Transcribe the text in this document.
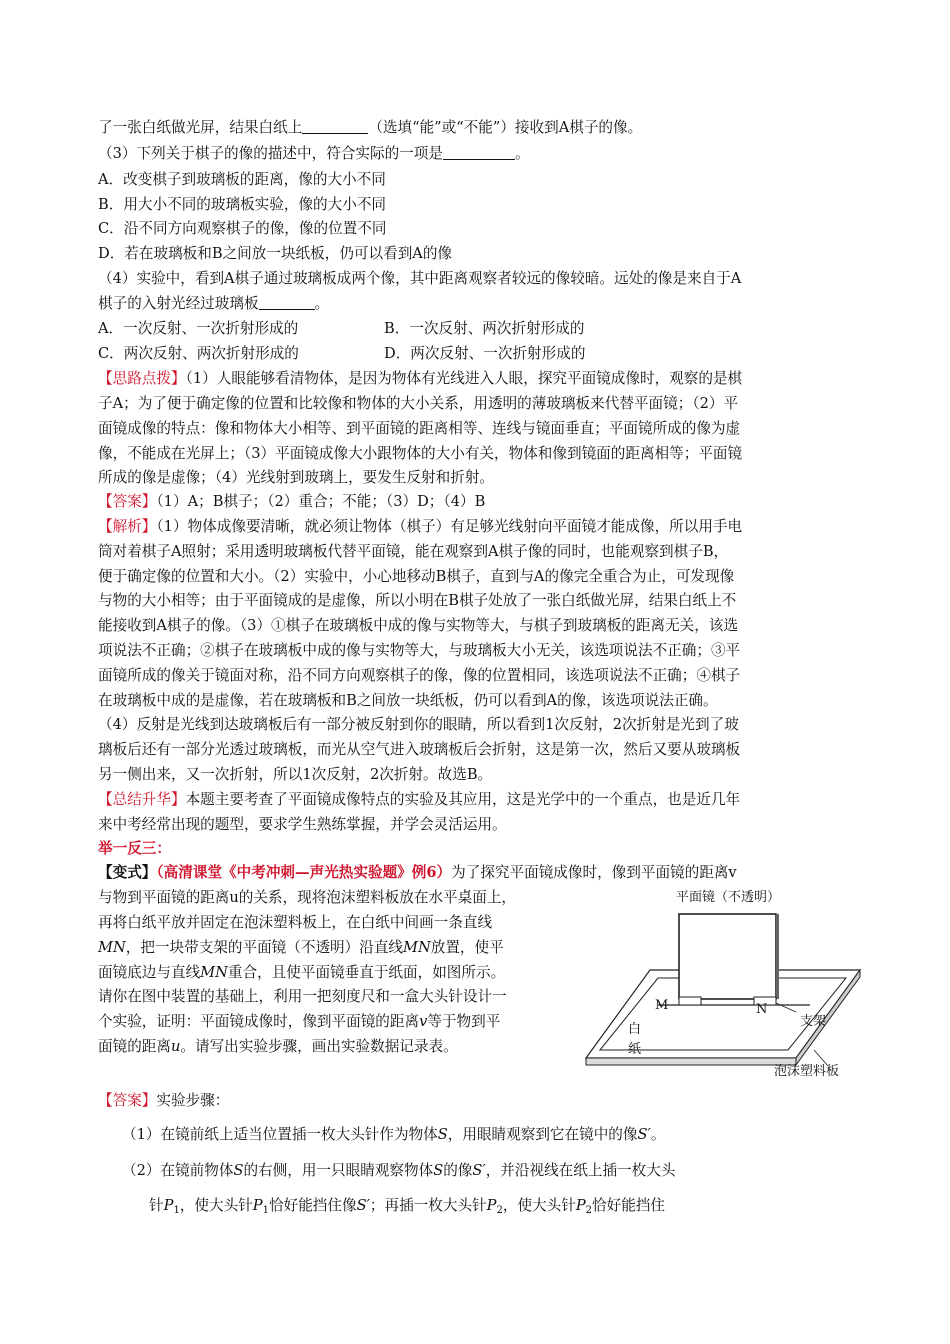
了一张白纸做光屏，结果白纸上	（选填“能”或“不能”）接收到A棋子的像。
（3）下列关于棋子的像的描述中，符合实际的一项是	。
A．改变棋子到玻璃板的距离，像的大小不同
B．用大小不同的玻璃板实验，像的大小不同
C．沿不同方向观察棋子的像，像的位置不同
D．若在玻璃板和B之间放一块纸板，仍可以看到A的像
（4）实验中，看到A棋子通过玻璃板成两个像，其中距离观察者较远的像较暗。远处的像是来自于A
棋子的入射光经过玻璃板	。
A．一次反射、一次折射形成的	B．一次反射、两次折射形成的
C．两次反射、两次折射形成的	D．两次反射、一次折射形成的
【思路点拨】（1）人眼能够看清物体，是因为物体有光线进入人眼，探究平面镜成像时，观察的是棋
子A；为了便于确定像的位置和比较像和物体的大小关系，用透明的薄玻璃板来代替平面镜；（2）平
面镜成像的特点：像和物体大小相等、到平面镜的距离相等、连线与镜面垂直；平面镜所成的像为虚
像，不能成在光屏上；（3）平面镜成像大小跟物体的大小有关，物体和像到镜面的距离相等；平面镜
所成的像是虚像；（4）光线射到玻璃上，要发生反射和折射。
【答案】（1）A；B棋子；（2）重合；不能；（3）D；（4）B
【解析】（1）物体成像要清晰，就必须让物体（棋子）有足够光线射向平面镜才能成像，所以用手电
筒对着棋子A照射；采用透明玻璃板代替平面镜，能在观察到A棋子像的同时，也能观察到棋子B，
便于确定像的位置和大小。（2）实验中，小心地移动B棋子，直到与A的像完全重合为止，可发现像
与物的大小相等；由于平面镜成的是虚像，所以小明在B棋子处放了一张白纸做光屏，结果白纸上不
能接收到A棋子的像。（3）①棋子在玻璃板中成的像与实物等大，与棋子到玻璃板的距离无关，该选
项说法不正确；②棋子在玻璃板中成的像与实物等大，与玻璃板大小无关，该选项说法不正确；③平
面镜所成的像关于镜面对称，沿不同方向观察棋子的像，像的位置相同，该选项说法不正确；④棋子
在玻璃板中成的是虚像，若在玻璃板和B之间放一块纸板，仍可以看到A的像，该选项说法正确。
（4）反射是光线到达玻璃板后有一部分被反射到你的眼睛，所以看到1次反射，2次折射是光到了玻
璃板后还有一部分光透过玻璃板，而光从空气进入玻璃板后会折射，这是第一次，然后又要从玻璃板
另一侧出来，又一次折射，所以1次反射，2次折射。故选B。
【总结升华】本题主要考查了平面镜成像特点的实验及其应用，这是光学中的一个重点，也是近几年
来中考经常出现的题型，要求学生熟练掌握，并学会灵活运用。
举一反三：
【变式】（高清课堂《中考冲刺—声光热实验题》例6）为了探究平面镜成像时，像到平面镜的距离v
与物到平面镜的距离u的关系，现将泡沫塑料板放在水平桌面上，
再将白纸平放并固定在泡沫塑料板上，在白纸中间画一条直线
MN，把一块带支架的平面镜（不透明）沿直线MN放置，使平
面镜底边与直线MN重合，且使平面镜垂直于纸面，如图所示。
请你在图中装置的基础上，利用一把刻度尺和一盒大头针设计一
个实验，证明：平面镜成像时，像到平面镜的距离v等于物到平
面镜的距离u。请写出实验步骤，画出实验数据记录表。
平面镜（不透明）
M	N
支架
白
纸
泡沫塑料板
【答案】实验步骤：
（1）在镜前纸上适当位置插一枚大头针作为物体S，用眼睛观察到它在镜中的像S′。
（2）在镜前物体S的右侧，用一只眼睛观察物体S的像S′，并沿视线在纸上插一枚大头
针$P_1$，使大头针$P_1$恰好能挡住像S′；再插一枚大头针$P_2$，使大头针$P_2$恰好能挡住
